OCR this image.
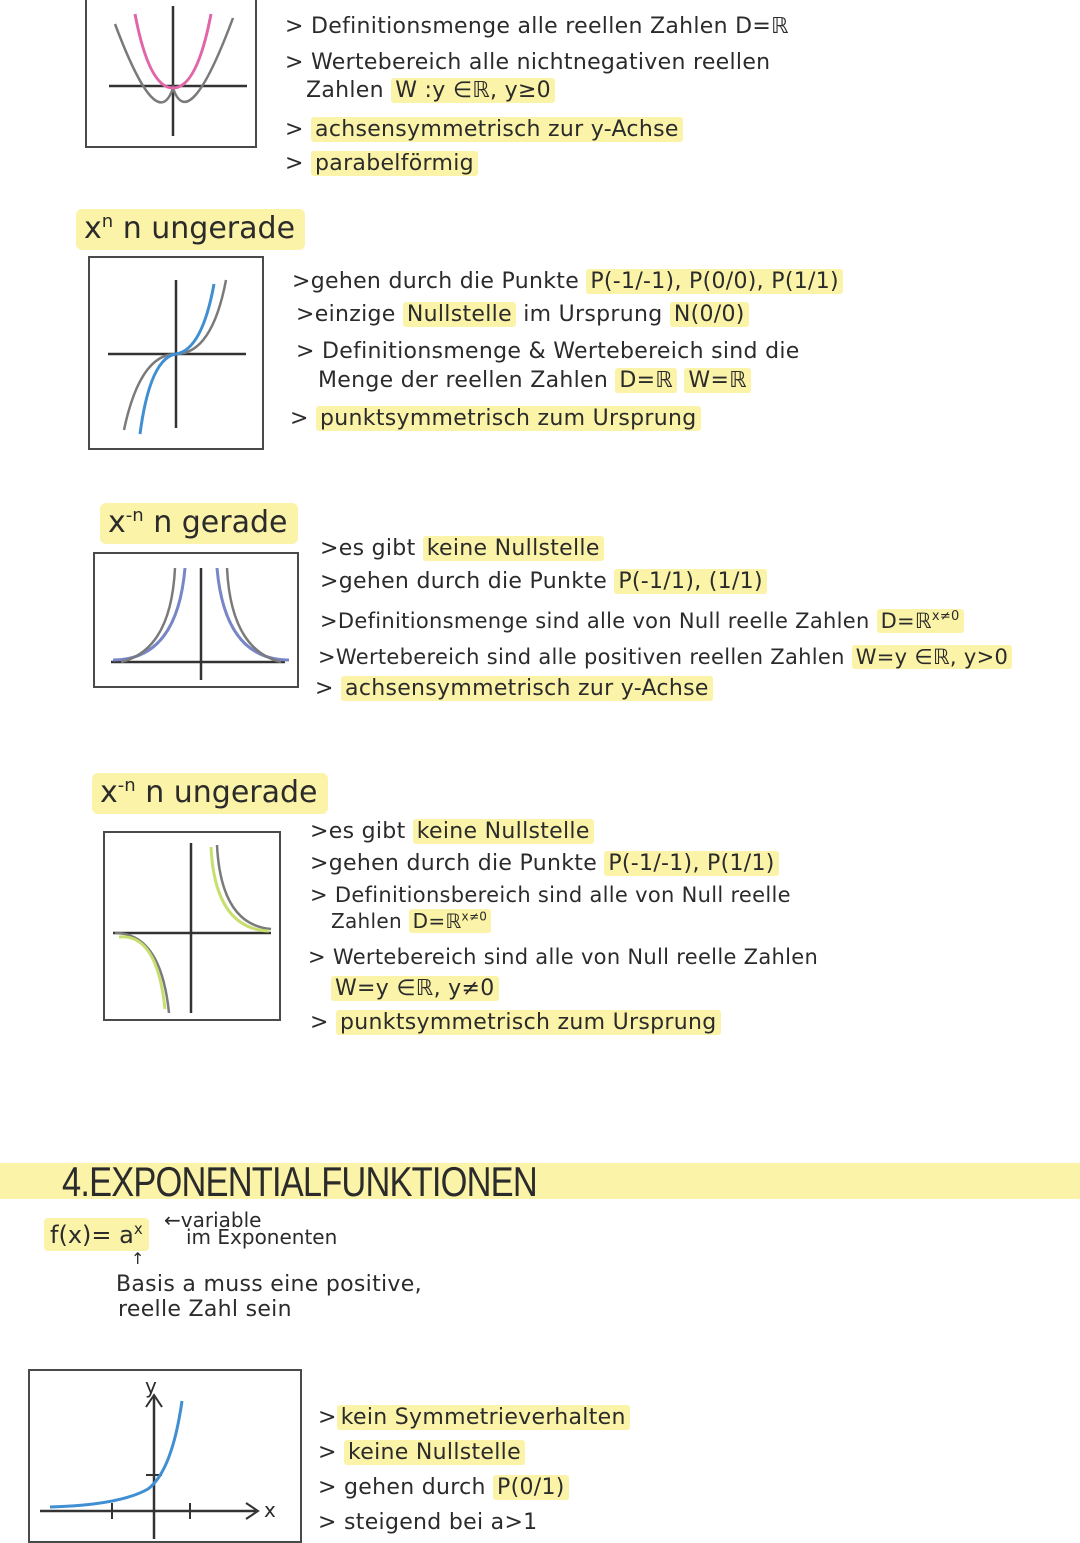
> Definitionsmenge alle reellen Zahlen D=ℝ
> Wertebereich alle nichtnegativen reellen
Zahlen W :y ∈ℝ, y≥0
> achsensymmetrisch zur y-Achse
> parabelförmig
$x^n$ n ungerade
>gehen durch die Punkte P(-1/-1), P(0/0), P(1/1)
>einzige Nullstelle im Ursprung N(0/0)
> Definitionsmenge & Wertebereich sind die
Menge der reellen Zahlen D=ℝ W=ℝ
> punktsymmetrisch zum Ursprung
$x^{-n}$ n gerade
>es gibt keine Nullstelle
>gehen durch die Punkte P(-1/1), (1/1)
>Definitionsmenge sind alle von Null reelle Zahlen D=ℝ$^{x\ne 0}$
>Wertebereich sind alle positiven reellen Zahlen W=y ∈ℝ, y>0
> achsensymmetrisch zur y-Achse
$x^{-n}$ n ungerade
>es gibt keine Nullstelle
>gehen durch die Punkte P(-1/-1), P(1/1)
> Definitionsbereich sind alle von Null reelle
Zahlen D=ℝ$^{x\ne 0}$
> Wertebereich sind alle von Null reelle Zahlen
W=y ∈ℝ, y≠0
> punktsymmetrisch zum Ursprung
4.EXPONENTIALFUNKTIONEN
$f(x)= a^x$	←variable
im Exponenten
↑
Basis a muss eine positive,
reelle Zahl sein
y
x
> kein Symmetrieverhalten
> keine Nullstelle
> gehen durch P(0/1)
> steigend bei a>1
